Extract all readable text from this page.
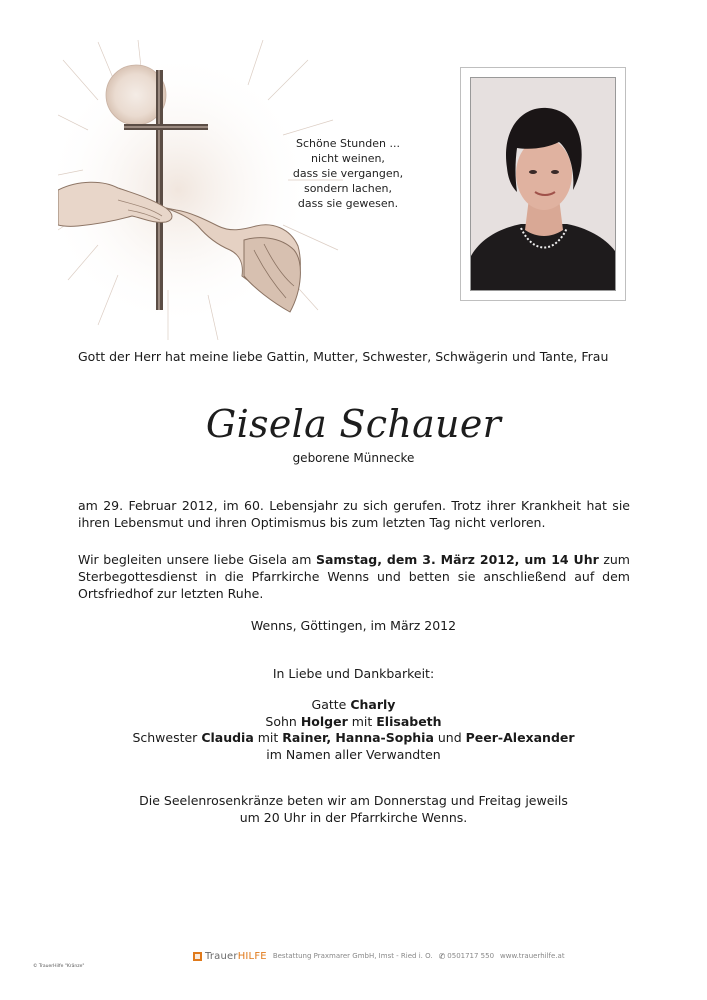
Schöne Stunden ...
nicht weinen,
dass sie vergangen,
sondern lachen,
dass sie gewesen.
Gott der Herr hat meine liebe Gattin, Mutter, Schwester, Schwägerin und Tante, Frau
Gisela Schauer
geborene Münnecke
am 29. Februar 2012, im 60. Lebensjahr zu sich gerufen. Trotz ihrer Krankheit hat sie ihren Lebensmut und ihren Optimismus bis zum letzten Tag nicht verloren.
Wir begleiten unsere liebe Gisela am Samstag, dem 3. März 2012, um 14 Uhr zum Sterbegottesdienst in die Pfarrkirche Wenns und betten sie anschließend auf dem Ortsfriedhof zur letzten Ruhe.
Wenns, Göttingen, im März 2012
In Liebe und Dankbarkeit:
Gatte Charly
Sohn Holger mit Elisabeth
Schwester Claudia mit Rainer, Hanna-Sophia und Peer-Alexander
im Namen aller Verwandten
Die Seelenrosenkränze beten wir am Donnerstag und Freitag jeweils
um 20 Uhr in der Pfarrkirche Wenns.
TrauerHILFE Bestattung Praxmarer GmbH, Imst - Ried i. O. ✆ 0501717 550 www.trauerhilfe.at
© TrauerHilfe "Kränze"
